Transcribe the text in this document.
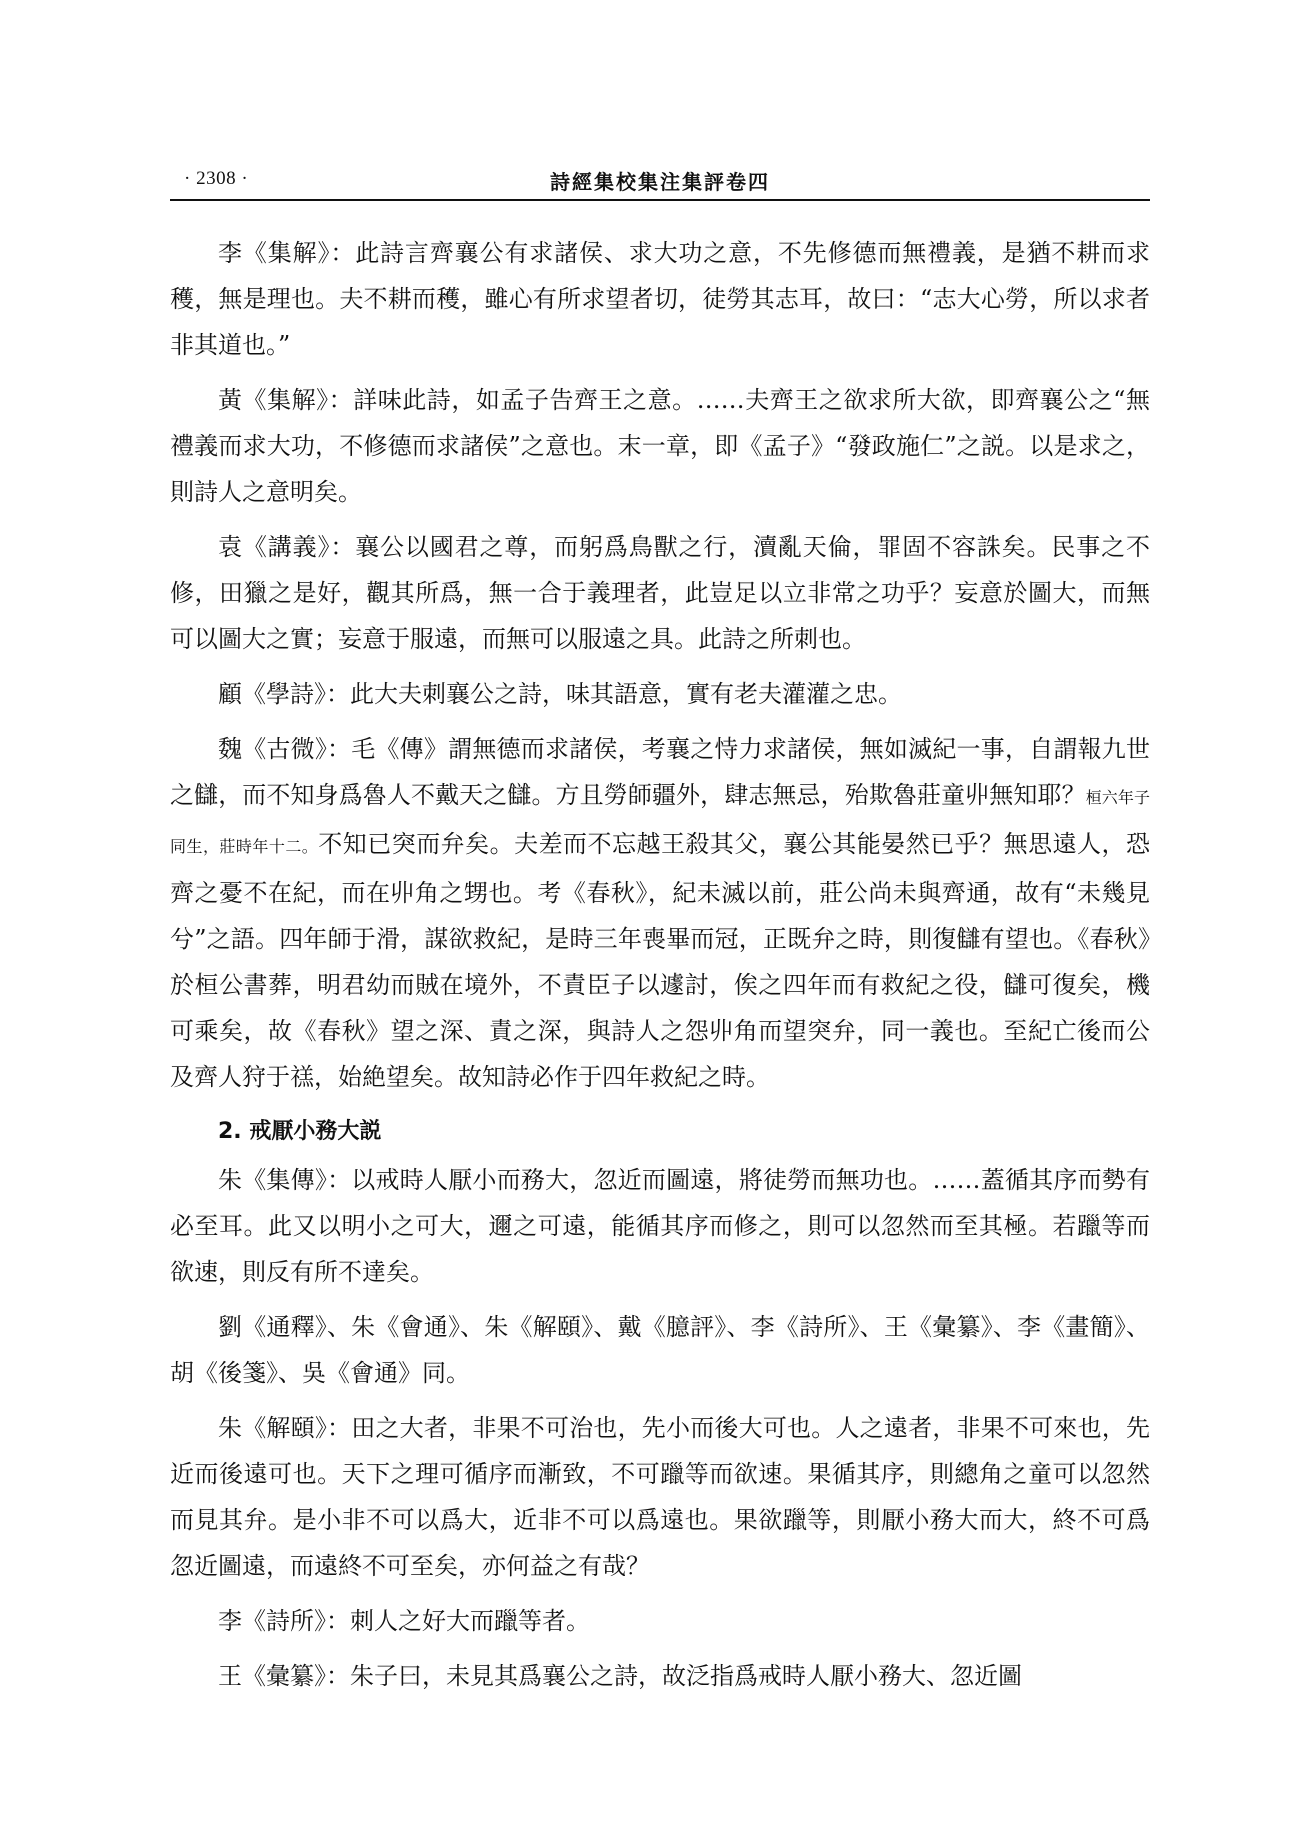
· 2308 ·	詩經集校集注集評卷四

李《集解》：此詩言齊襄公有求諸侯、求大功之意，不先修德而無禮義，是猶不耕而求穫，無是理也。夫不耕而穫，雖心有所求望者切，徒勞其志耳，故曰：“志大心勞，所以求者非其道也。”

黃《集解》：詳味此詩，如孟子告齊王之意。……夫齊王之欲求所大欲，即齊襄公之“無禮義而求大功，不修德而求諸侯”之意也。末一章，即《孟子》“發政施仁”之説。以是求之，則詩人之意明矣。

袁《講義》：襄公以國君之尊，而躬爲鳥獸之行，瀆亂天倫，罪固不容誅矣。民事之不修，田獵之是好，觀其所爲，無一合于義理者，此豈足以立非常之功乎？妄意於圖大，而無可以圖大之實；妄意于服遠，而無可以服遠之具。此詩之所刺也。

顧《學詩》：此大夫刺襄公之詩，味其語意，實有老夫灌灌之忠。

魏《古微》：毛《傳》謂無德而求諸侯，考襄之恃力求諸侯，無如滅紀一事，自謂報九世之讎，而不知身爲魯人不戴天之讎。方且勞師疆外，肆志無忌，殆欺魯莊童丱無知耶？桓六年子同生，莊時年十二。不知已突而弁矣。夫差而不忘越王殺其父，襄公其能晏然已乎？無思遠人，恐齊之憂不在紀，而在丱角之甥也。考《春秋》，紀未滅以前，莊公尚未與齊通，故有“未幾見兮”之語。四年師于滑，謀欲救紀，是時三年喪畢而冠，正既弁之時，則復讎有望也。《春秋》於桓公書葬，明君幼而賊在境外，不責臣子以遽討，俟之四年而有救紀之役，讎可復矣，機可乘矣，故《春秋》望之深、責之深，與詩人之怨丱角而望突弁，同一義也。至紀亡後而公及齊人狩于禚，始絶望矣。故知詩必作于四年救紀之時。

2. 戒厭小務大説

朱《集傳》：以戒時人厭小而務大，忽近而圖遠，將徒勞而無功也。……蓋循其序而勢有必至耳。此又以明小之可大，邇之可遠，能循其序而修之，則可以忽然而至其極。若躐等而欲速，則反有所不達矣。

劉《通釋》、朱《會通》、朱《解頤》、戴《臆評》、李《詩所》、王《彙纂》、李《畫簡》、胡《後箋》、吳《會通》同。

朱《解頤》：田之大者，非果不可治也，先小而後大可也。人之遠者，非果不可來也，先近而後遠可也。天下之理可循序而漸致，不可躐等而欲速。果循其序，則總角之童可以忽然而見其弁。是小非不可以爲大，近非不可以爲遠也。果欲躐等，則厭小務大而大，終不可爲忽近圖遠，而遠終不可至矣，亦何益之有哉？

李《詩所》：刺人之好大而躐等者。

王《彙纂》：朱子曰，未見其爲襄公之詩，故泛指爲戒時人厭小務大、忽近圖
